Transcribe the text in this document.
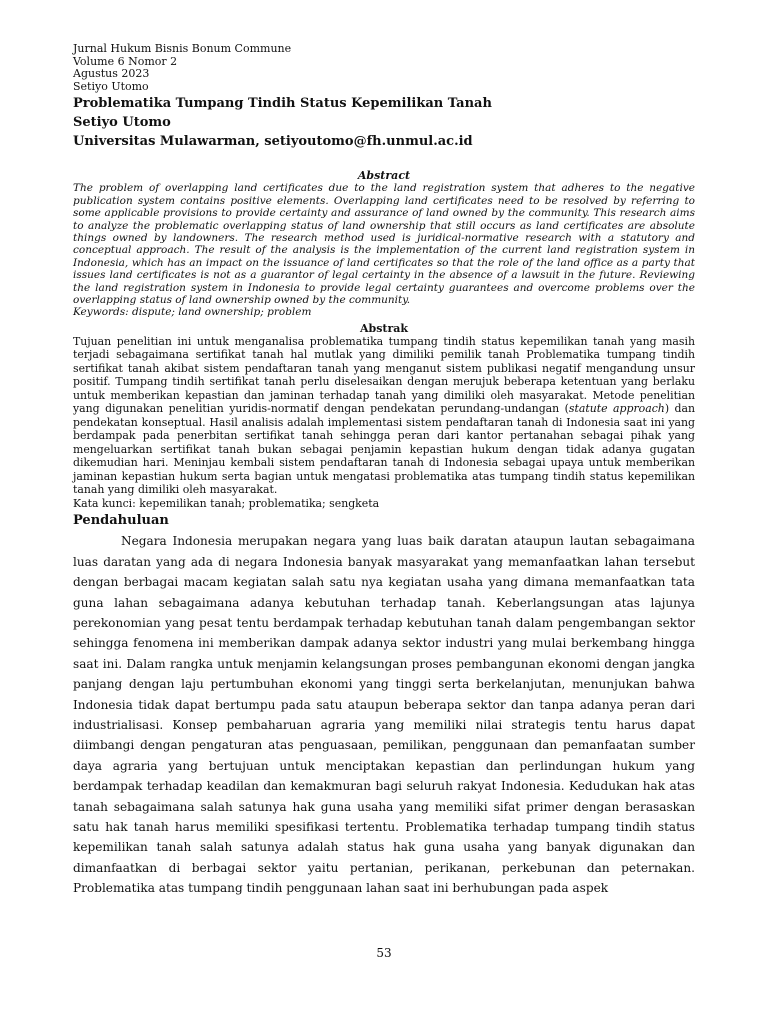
Jurnal Hukum Bisnis Bonum Commune

Volume 6 Nomor 2

Agustus 2023

Setiyo Utomo

Problematika Tumpang Tindih Status Kepemilikan Tanah

Setiyo Utomo

Universitas Mulawarman, setiyoutomo@fh.unmul.ac.id

Abstract

The problem of overlapping land certificates due to the land registration system that adheres to the negative publication system contains positive elements. Overlapping land certificates need to be resolved by referring to some applicable provisions to provide certainty and assurance of land owned by the community. This research aims to analyze the problematic overlapping status of land ownership that still occurs as land certificates are absolute things owned by landowners. The research method used is juridical-normative research with a statutory and conceptual approach. The result of the analysis is the implementation of the current land registration system in Indonesia, which has an impact on the issuance of land certificates so that the role of the land office as a party that issues land certificates is not as a guarantor of legal certainty in the absence of a lawsuit in the future. Reviewing the land registration system in Indonesia to provide legal certainty guarantees and overcome problems over the overlapping status of land ownership owned by the community.

Keywords: dispute; land ownership; problem

Abstrak

Tujuan penelitian ini untuk menganalisa problematika tumpang tindih status kepemilikan tanah yang masih terjadi sebagaimana sertifikat tanah hal mutlak yang dimiliki pemilik tanah Problematika tumpang tindih sertifikat tanah akibat sistem pendaftaran tanah yang menganut sistem publikasi negatif mengandung unsur positif. Tumpang tindih sertifikat tanah perlu diselesaikan dengan merujuk beberapa ketentuan yang berlaku untuk memberikan kepastian dan jaminan terhadap tanah yang dimiliki oleh masyarakat. Metode penelitian yang digunakan penelitian yuridis-normatif dengan pendekatan perundang-undangan (statute approach) dan pendekatan konseptual. Hasil analisis adalah implementasi sistem pendaftaran tanah di Indonesia saat ini yang berdampak pada penerbitan sertifikat tanah sehingga peran dari kantor pertanahan sebagai pihak yang mengeluarkan sertifikat tanah bukan sebagai penjamin kepastian hukum dengan tidak adanya gugatan dikemudian hari. Meninjau kembali sistem pendaftaran tanah di Indonesia sebagai upaya untuk memberikan jaminan kepastian hukum serta bagian untuk mengatasi problematika atas tumpang tindih status kepemilikan tanah yang dimiliki oleh masyarakat.

Kata kunci: kepemilikan tanah; problematika; sengketa

Pendahuluan

Negara Indonesia merupakan negara yang luas baik daratan ataupun lautan sebagaimana luas daratan yang ada di negara Indonesia banyak masyarakat yang memanfaatkan lahan tersebut dengan berbagai macam kegiatan salah satu nya kegiatan usaha yang dimana memanfaatkan tata guna lahan sebagaimana adanya kebutuhan terhadap tanah. Keberlangsungan atas lajunya perekonomian yang pesat tentu berdampak terhadap kebutuhan tanah dalam pengembangan sektor sehingga fenomena ini memberikan dampak adanya sektor industri yang mulai berkembang hingga saat ini. Dalam rangka untuk menjamin kelangsungan proses pembangunan ekonomi dengan jangka panjang dengan laju pertumbuhan ekonomi yang tinggi serta berkelanjutan, menunjukan bahwa Indonesia tidak dapat bertumpu pada satu ataupun beberapa sektor dan tanpa adanya peran dari industrialisasi. Konsep pembaharuan agraria yang memiliki nilai strategis tentu harus dapat diimbangi dengan pengaturan atas penguasaan, pemilikan, penggunaan dan pemanfaatan sumber daya agraria yang bertujuan untuk menciptakan kepastian dan perlindungan hukum yang berdampak terhadap keadilan dan kemakmuran bagi seluruh rakyat Indonesia. Kedudukan hak atas tanah sebagaimana salah satunya hak guna usaha yang memiliki sifat primer dengan berasaskan satu hak tanah harus memiliki spesifikasi tertentu. Problematika terhadap tumpang tindih status kepemilikan tanah salah satunya adalah status hak guna usaha yang banyak digunakan dan dimanfaatkan di berbagai sektor yaitu pertanian, perikanan, perkebunan dan peternakan. Problematika atas tumpang tindih penggunaan lahan saat ini berhubungan pada aspek

53
